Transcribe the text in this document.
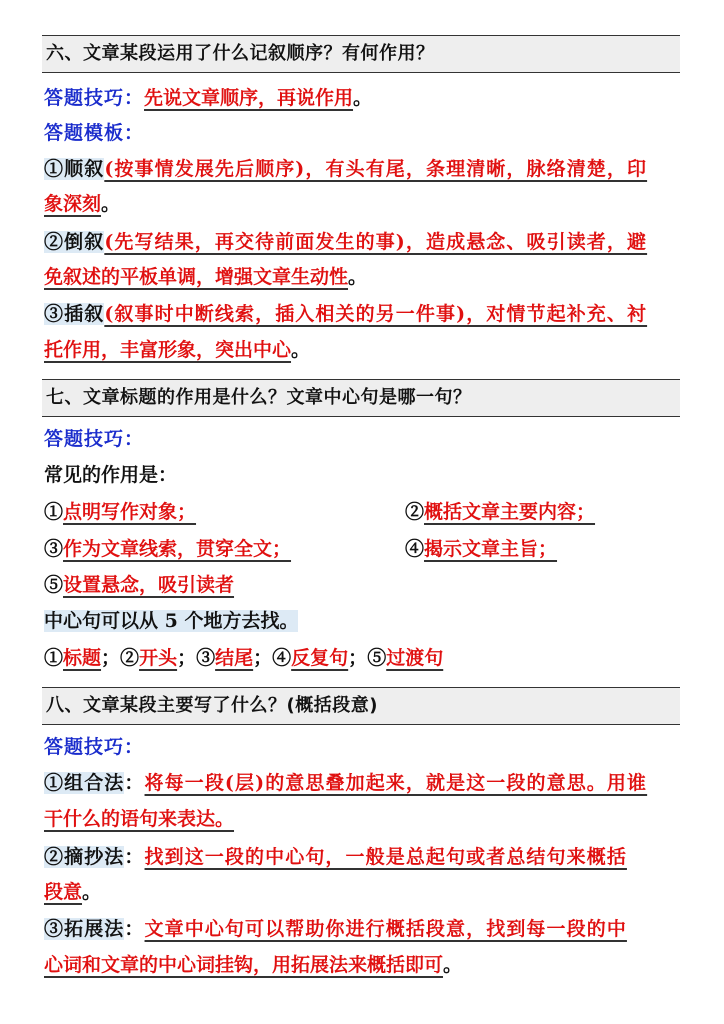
六、文章某段运用了什么记叙顺序？有何作用？
答题技巧：先说文章顺序，再说作用。
答题模板：
①顺叙(按事情发展先后顺序)，有头有尾，条理清晰，脉络清楚，印
象深刻。
②倒叙(先写结果，再交待前面发生的事)，造成悬念、吸引读者，避
免叙述的平板单调，增强文章生动性。
③插叙(叙事时中断线索，插入相关的另一件事)，对情节起补充、衬
托作用，丰富形象，突出中心。
七、文章标题的作用是什么？文章中心句是哪一句？
答题技巧：
常见的作用是：
①点明写作对象；	②概括文章主要内容；
③作为文章线索，贯穿全文；	④揭示文章主旨；
⑤设置悬念，吸引读者
中心句可以从 5 个地方去找。
①标题；②开头；③结尾；④反复句；⑤过渡句
八、文章某段主要写了什么？(概括段意)
答题技巧：
①组合法：将每一段(层)的意思叠加起来，就是这一段的意思。用谁
干什么的语句来表达。
②摘抄法：找到这一段的中心句，一般是总起句或者总结句来概括
段意。
③拓展法：文章中心句可以帮助你进行概括段意，找到每一段的中
心词和文章的中心词挂钩，用拓展法来概括即可。
